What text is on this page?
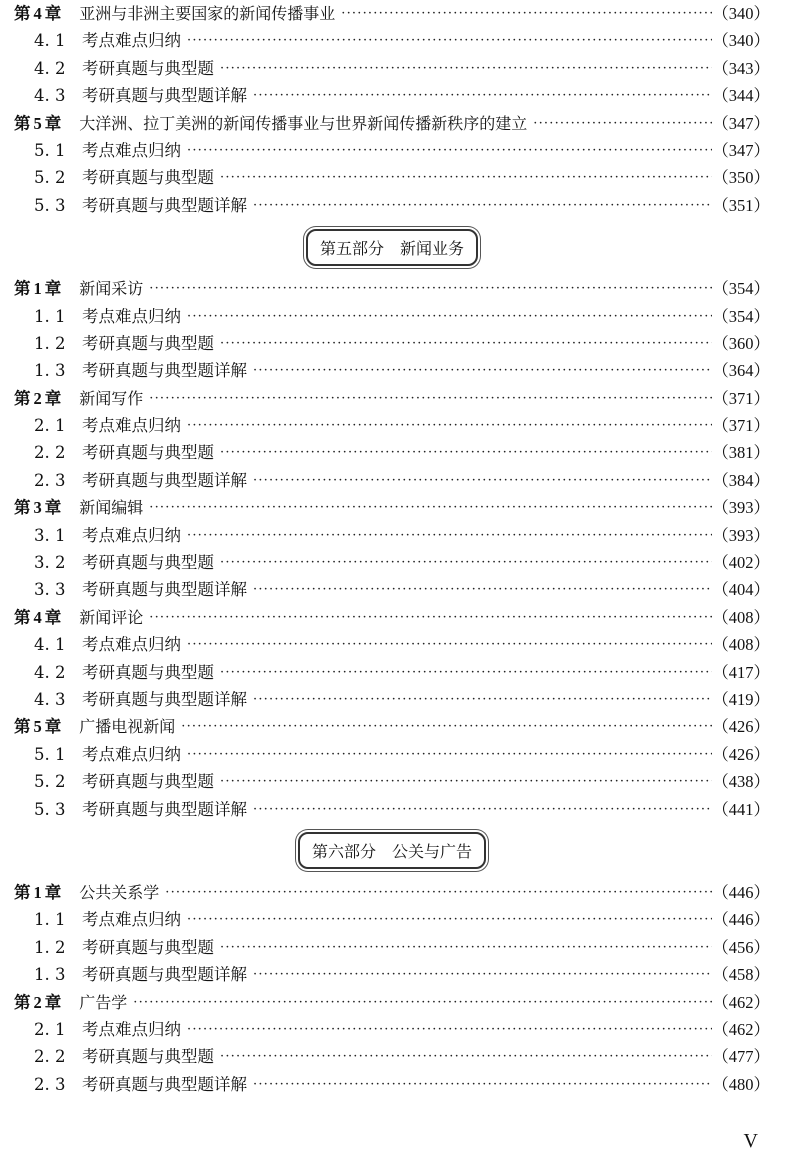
第 4 章	亚洲与非洲主要国家的新闻传播事业 ·····	（340）
4. 1	考点难点归纳 ·····	（340）
4. 2	考研真题与典型题 ·····	（343）
4. 3	考研真题与典型题详解 ·····	（344）
第 5 章	大洋洲、拉丁美洲的新闻传播事业与世界新闻传播新秩序的建立 ·····	（347）
5. 1	考点难点归纳 ·····	（347）
5. 2	考研真题与典型题 ·····	（350）
5. 3	考研真题与典型题详解 ·····	（351）
第五部分　新闻业务
第 1 章	新闻采访 ·····	（354）
1. 1	考点难点归纳 ·····	（354）
1. 2	考研真题与典型题 ·····	（360）
1. 3	考研真题与典型题详解 ·····	（364）
第 2 章	新闻写作 ·····	（371）
2. 1	考点难点归纳 ·····	（371）
2. 2	考研真题与典型题 ·····	（381）
2. 3	考研真题与典型题详解 ·····	（384）
第 3 章	新闻编辑 ·····	（393）
3. 1	考点难点归纳 ·····	（393）
3. 2	考研真题与典型题 ·····	（402）
3. 3	考研真题与典型题详解 ·····	（404）
第 4 章	新闻评论 ·····	（408）
4. 1	考点难点归纳 ·····	（408）
4. 2	考研真题与典型题 ·····	（417）
4. 3	考研真题与典型题详解 ·····	（419）
第 5 章	广播电视新闻 ·····	（426）
5. 1	考点难点归纳 ·····	（426）
5. 2	考研真题与典型题 ·····	（438）
5. 3	考研真题与典型题详解 ·····	（441）
第六部分　公关与广告
第 1 章	公共关系学 ·····	（446）
1. 1	考点难点归纳 ·····	（446）
1. 2	考研真题与典型题 ·····	（456）
1. 3	考研真题与典型题详解 ·····	（458）
第 2 章	广告学 ·····	（462）
2. 1	考点难点归纳 ·····	（462）
2. 2	考研真题与典型题 ·····	（477）
2. 3	考研真题与典型题详解 ·····	（480）
V
